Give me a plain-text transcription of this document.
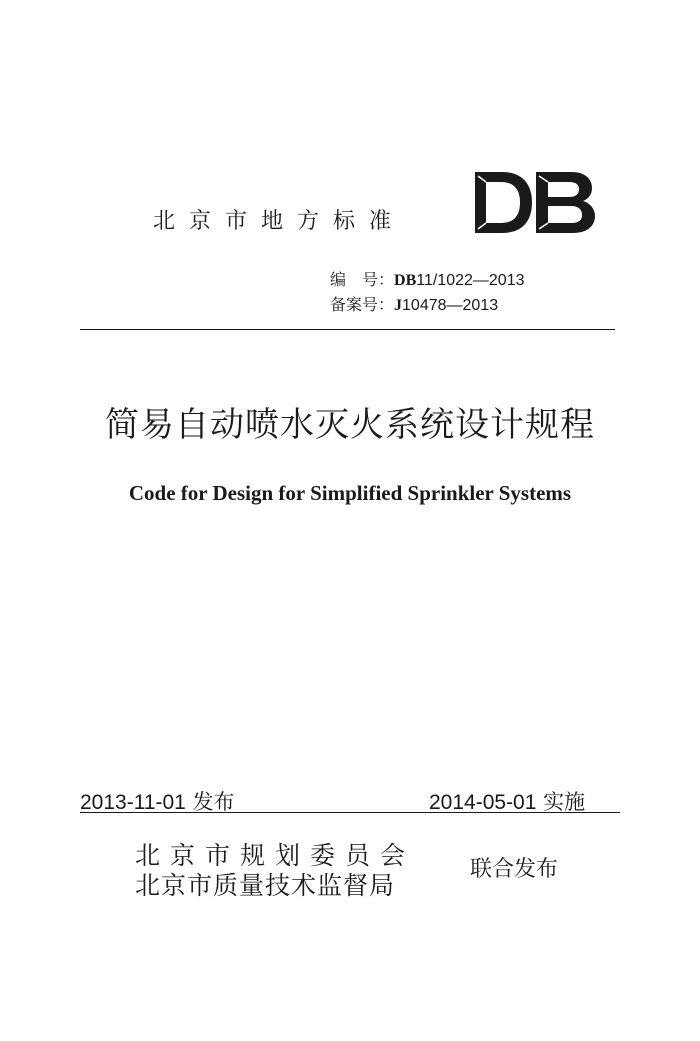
北京市地方标准
编　号：DB11/1022—2013
备案号：J10478—2013
简易自动喷水灭火系统设计规程
Code for Design for Simplified Sprinkler Systems
2013-11-01 发布	2014-05-01 实施
北京市规划委员会
北京市质量技术监督局
联合发布
